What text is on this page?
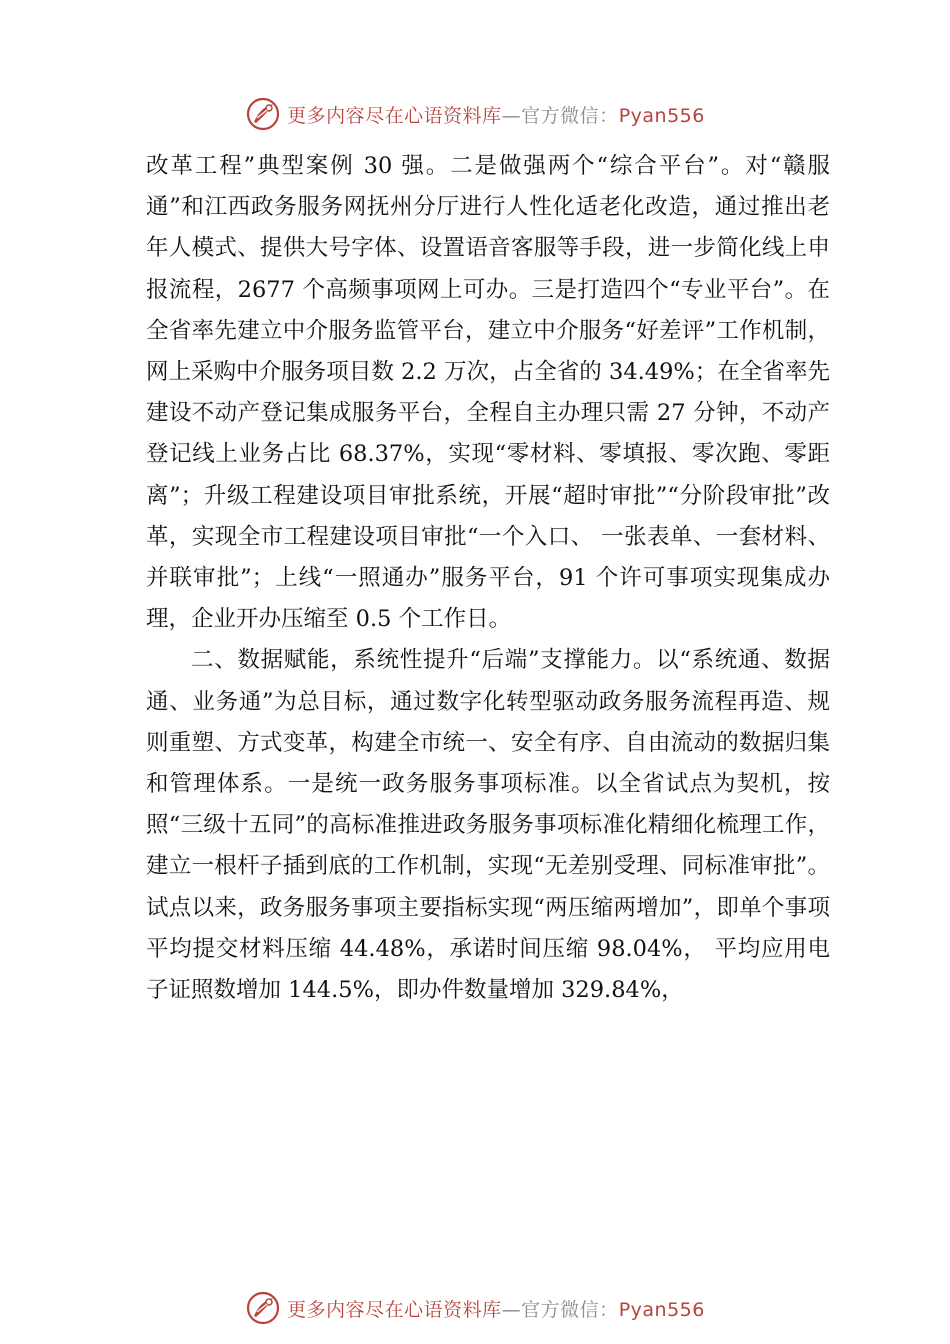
更多内容尽在心语资料库—官方微信：Pyan556

改革工程”典型案例 30 强。二是做强两个“综合平台”。对“赣服通”和江西政务服务网抚州分厅进行人性化适老化改造，通过推出老年人模式、提供大号字体、设置语音客服等手段，进一步简化线上申报流程，2677 个高频事项网上可办。三是打造四个“专业平台”。在全省率先建立中介服务监管平台，建立中介服务“好差评”工作机制，网上采购中介服务项目数 2.2 万次，占全省的 34.49%；在全省率先建设不动产登记集成服务平台，全程自主办理只需 27 分钟，不动产登记线上业务占比 68.37%，实现“零材料、零填报、零次跑、零距离”；升级工程建设项目审批系统，开展“超时审批”“分阶段审批”改革，实现全市工程建设项目审批“一个入口、 一张表单、一套材料、并联审批”；上线“一照通办”服务平台，91 个许可事项实现集成办理，企业开办压缩至 0.5 个工作日。

二、数据赋能，系统性提升“后端”支撑能力。以“系统通、数据通、业务通”为总目标，通过数字化转型驱动政务服务流程再造、规则重塑、方式变革，构建全市统一、安全有序、自由流动的数据归集和管理体系。一是统一政务服务事项标准。以全省试点为契机，按照“三级十五同”的高标准推进政务服务事项标准化精细化梳理工作，建立一根杆子插到底的工作机制，实现“无差别受理、同标准审批”。试点以来，政务服务事项主要指标实现“两压缩两增加”，即单个事项平均提交材料压缩 44.48%，承诺时间压缩 98.04%， 平均应用电子证照数增加 144.5%，即办件数量增加 329.84%，

更多内容尽在心语资料库—官方微信：Pyan556
